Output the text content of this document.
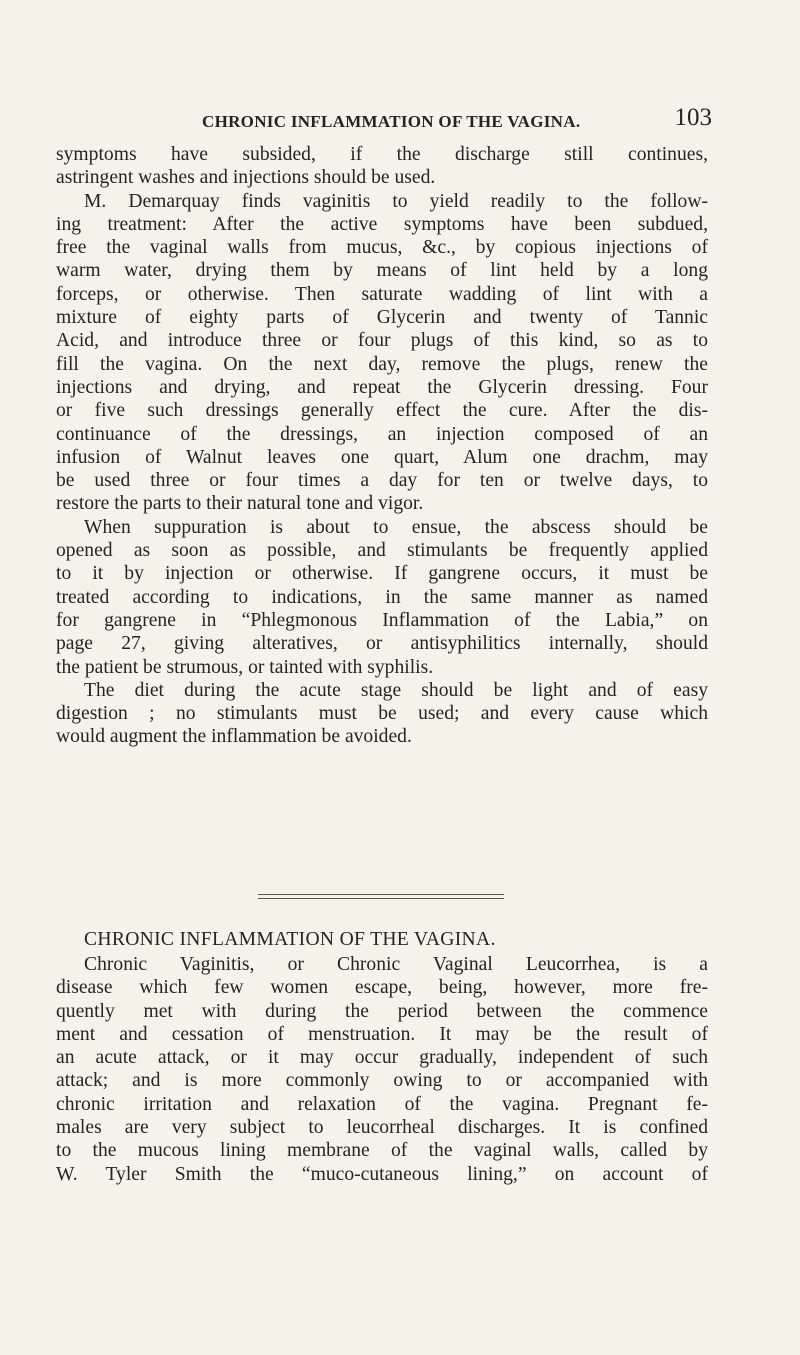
CHRONIC INFLAMMATION OF THE VAGINA.	103
symptoms have subsided, if the discharge still continues,
astringent washes and injections should be used.
M. Demarquay finds vaginitis to yield readily to the follow-
ing treatment: After the active symptoms have been subdued,
free the vaginal walls from mucus, &c., by copious injections of
warm water, drying them by means of lint held by a long
forceps, or otherwise. Then saturate wadding of lint with a
mixture of eighty parts of Glycerin and twenty of Tannic
Acid, and introduce three or four plugs of this kind, so as to
fill the vagina. On the next day, remove the plugs, renew the
injections and drying, and repeat the Glycerin dressing. Four
or five such dressings generally effect the cure. After the dis-
continuance of the dressings, an injection composed of an
infusion of Walnut leaves one quart, Alum one drachm, may
be used three or four times a day for ten or twelve days, to
restore the parts to their natural tone and vigor.
When suppuration is about to ensue, the abscess should be
opened as soon as possible, and stimulants be frequently applied
to it by injection or otherwise. If gangrene occurs, it must be
treated according to indications, in the same manner as named
for gangrene in “Phlegmonous Inflammation of the Labia,” on
page 27, giving alteratives, or antisyphilitics internally, should
the patient be strumous, or tainted with syphilis.
The diet during the acute stage should be light and of easy
digestion ; no stimulants must be used; and every cause which
would augment the inflammation be avoided.
CHRONIC INFLAMMATION OF THE VAGINA.
Chronic Vaginitis, or Chronic Vaginal Leucorrhea, is a
disease which few women escape, being, however, more fre-
quently met with during the period between the commence
ment and cessation of menstruation. It may be the result of
an acute attack, or it may occur gradually, independent of such
attack; and is more commonly owing to or accompanied with
chronic irritation and relaxation of the vagina. Pregnant fe-
males are very subject to leucorrheal discharges. It is confined
to the mucous lining membrane of the vaginal walls, called by
W. Tyler Smith the “muco-cutaneous lining,” on account of
